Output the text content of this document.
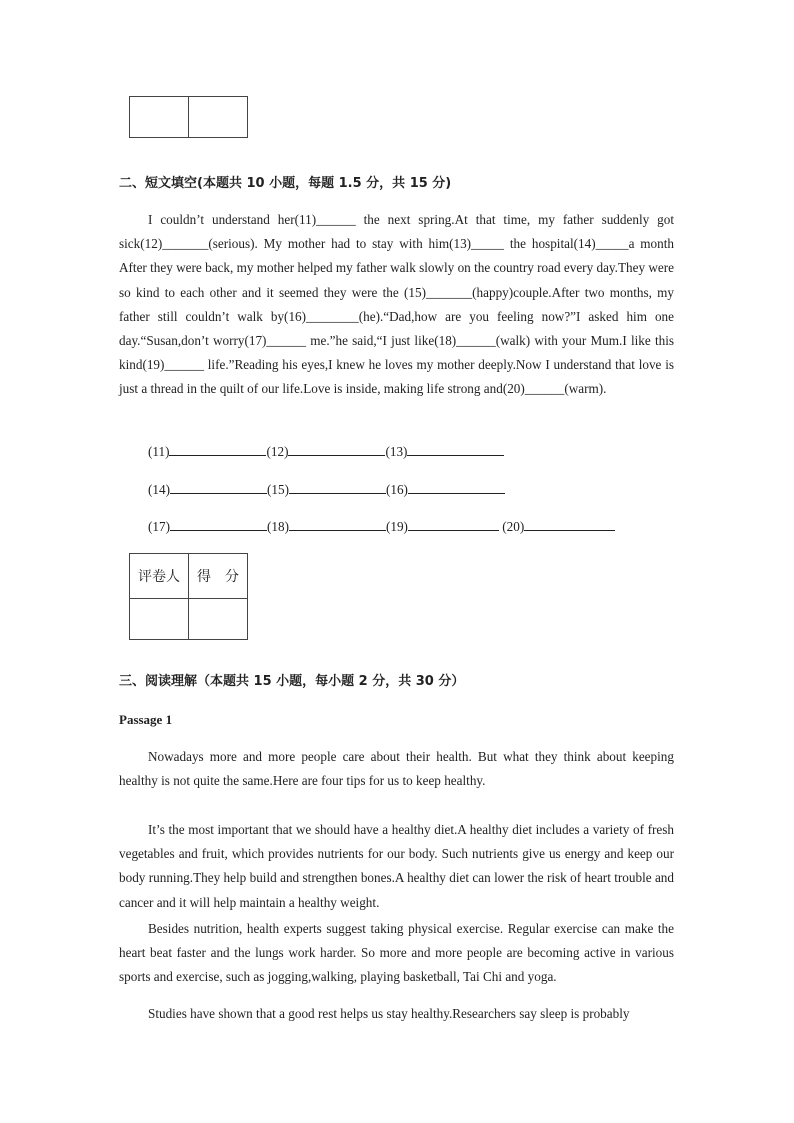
二、短文填空(本题共 10 小题，每题 1.5 分，共 15 分)

I couldn’t understand her(11)______ the next spring.At that time, my father suddenly got sick(12)_______(serious). My mother had to stay with him(13)_____ the hospital(14)_____a month After they were back, my mother helped my father walk slowly on the country road every day.They were so kind to each other and it seemed they were the (15)_______(happy)couple.After two months, my father still couldn’t walk by(16)________(he).“Dad,how are you feeling now?”I asked him one day.“Susan,don’t worry(17)______ me.”he said,“I just like(18)______(walk) with your Mum.I like this kind(19)______ life.”Reading his eyes,I knew he loves my mother deeply.Now I understand that love is just a thread in the quilt of our life.Love is inside, making life strong and(20)______(warm).

(11)	(12)	(13)
(14)	(15)	(16)
(17)	(18)	(19)	(20)
评卷人	得　分

三、阅读理解（本题共 15 小题，每小题 2 分，共 30 分）
Passage 1

Nowadays more and more people care about their health. But what they think about keeping healthy is not quite the same.Here are four tips for us to keep healthy.

It’s the most important that we should have a healthy diet.A healthy diet includes a variety of fresh vegetables and fruit, which provides nutrients for our body. Such nutrients give us energy and keep our body running.They help build and strengthen bones.A healthy diet can lower the risk of heart trouble and cancer and it will help maintain a healthy weight.

Besides nutrition, health experts suggest taking physical exercise. Regular exercise can make the heart beat faster and the lungs work harder. So more and more people are becoming active in various sports and exercise, such as jogging,walking, playing basketball, Tai Chi and yoga.

Studies have shown that a good rest helps us stay healthy.Researchers say sleep is probably
